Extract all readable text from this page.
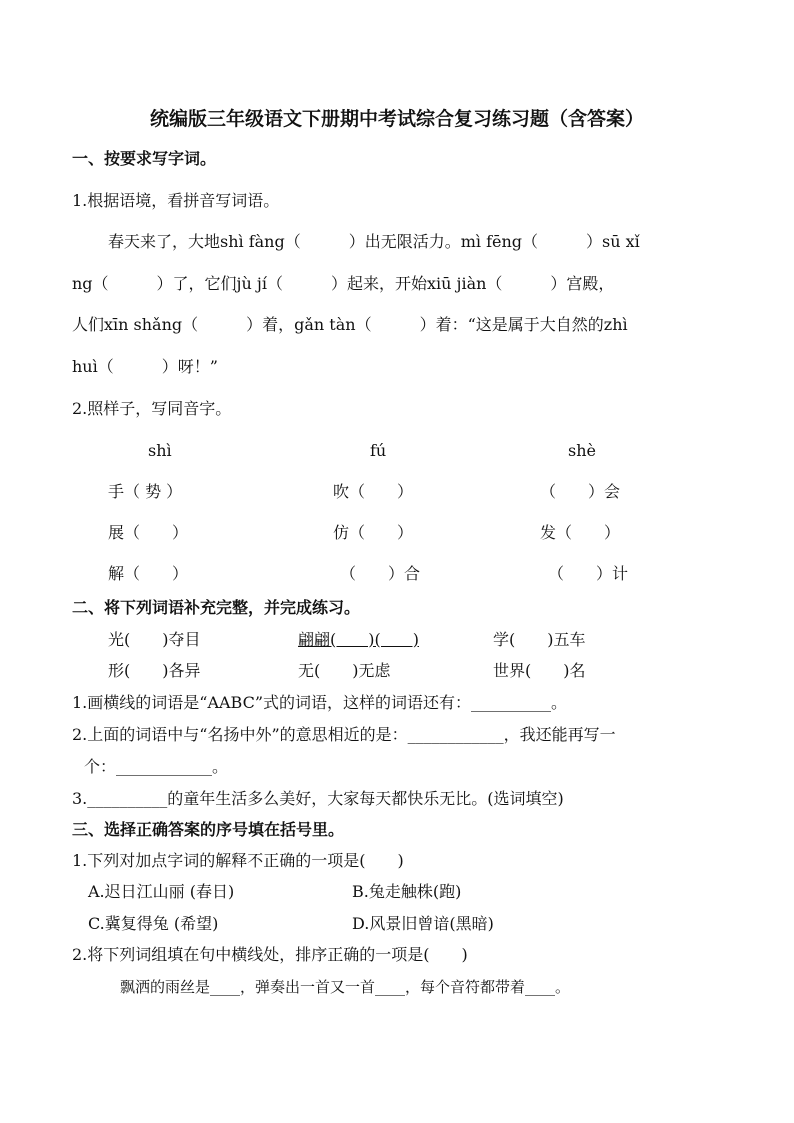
统编版三年级语文下册期中考试综合复习练习题（含答案）
一、按要求写字词。
1.根据语境，看拼音写词语。
春天来了，大地shì fàng（　　　）出无限活力。mì fēng（　　　）sū xǐ
ng（　　　）了，它们jù jí（　　　）起来，开始xiū jiàn（　　　）宫殿，
人们xīn shǎng（　　　）着，gǎn tàn（　　　）着：“这是属于大自然的zhì
huì（　　　）呀！”
2.照样子，写同音字。
shì	fú	shè
手（ 势 ）	吹（　　）	（　　）会
展（　　）	仿（　　）	发（　　）
解（　　）	（　　）合	（　　）计
二、将下列词语补充完整，并完成练习。
光(　　)夺目	翩翩(　　)(　　)	学(　　)五车
形(　　)各异	无(　　)无虑	世界(　　)名
1.画横线的词语是“AABC”式的词语，这样的词语还有：__________。
2.上面的词语中与“名扬中外”的意思相近的是：____________，我还能再写一
个：____________。
3.__________的童年生活多么美好，大家每天都快乐无比。(选词填空)
三、选择正确答案的序号填在括号里。
1.下列对加点字词的解释不正确的一项是(　　)
A.迟日江山丽 (春日)	B.兔走触株(跑)
C.冀复得兔 (希望)	D.风景旧曾谙(黑暗)
2.将下列词组填在句中横线处，排序正确的一项是(　　)
飘洒的雨丝是____，弹奏出一首又一首____，每个音符都带着____。
